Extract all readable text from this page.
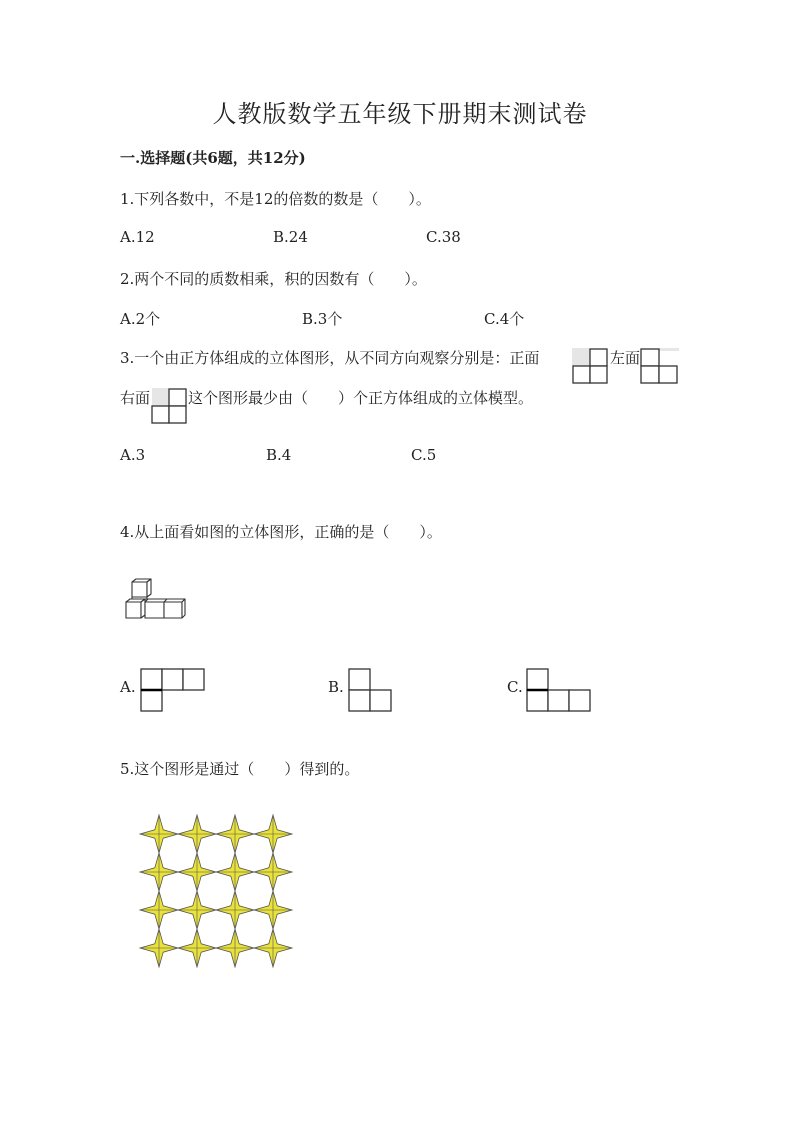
人教版数学五年级下册期末测试卷
一.选择题(共6题，共12分)
1.下列各数中，不是12的倍数的数是（　　）。
A.12	B.24	C.38
2.两个不同的质数相乘，积的因数有（　　）。
A.2个	B.3个	C.4个
3.一个由正方体组成的立体图形，从不同方向观察分别是：正面	左面
右面	这个图形最少由（　　）个正方体组成的立体模型。
A.3	B.4	C.5
4.从上面看如图的立体图形，正确的是（　　）。
A.	B.	C.
5.这个图形是通过（　　）得到的。
